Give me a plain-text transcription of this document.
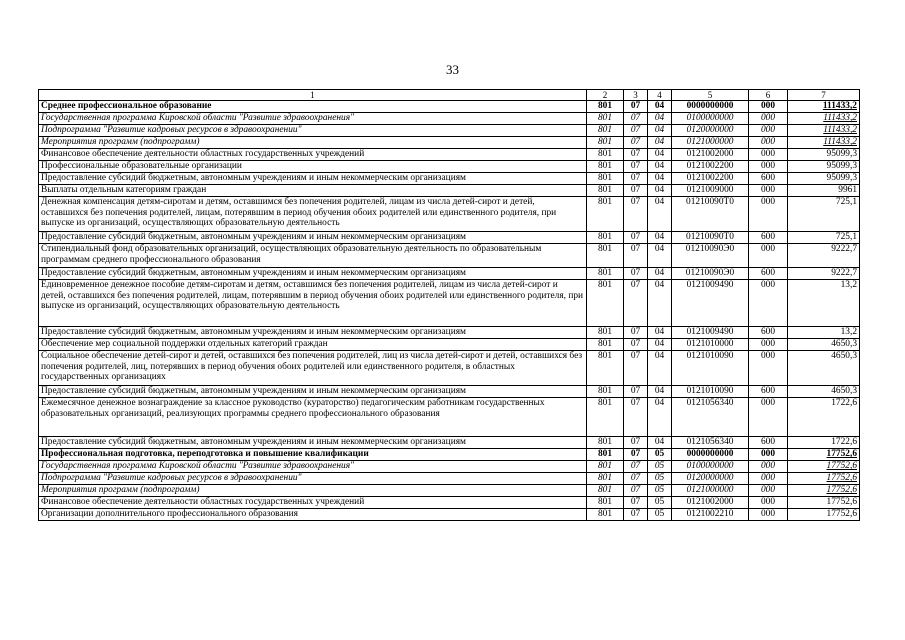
33
1	2	3	4	5	6	7
Среднее профессиональное образование	801	07	04	0000000000	000	111433,2
Государственная программа Кировской области "Развитие здравоохранения"	801	07	04	0100000000	000	111433,2
Подпрограмма "Развитие кадровых ресурсов в здравоохранении"	801	07	04	0120000000	000	111433,2
Мероприятия программ (подпрограмм)	801	07	04	0121000000	000	111433,2
Финансовое обеспечение деятельности областных государственных учреждений	801	07	04	0121002000	000	95099,3
Профессиональные образовательные организации	801	07	04	0121002200	000	95099,3
Предоставление субсидий бюджетным, автономным учреждениям и иным некоммерческим организациям	801	07	04	0121002200	600	95099,3
Выплаты отдельным категориям граждан	801	07	04	0121009000	000	9961
Денежная компенсация детям-сиротам и детям, оставшимся без попечения родителей, лицам из числа детей-сирот и детей, оставшихся без попечения родителей, лицам, потерявшим в период обучения обоих родителей или единственного родителя, при выпуске из организаций, осуществляющих образовательную деятельность	801	07	04	01210090Т0	000	725,1
Предоставление субсидий бюджетным, автономным учреждениям и иным некоммерческим организациям	801	07	04	01210090Т0	600	725,1
Стипендиальный фонд образовательных организаций, осуществляющих образовательную деятельность по образовательным программам среднего профессионального образования	801	07	04	01210090Э0	000	9222,7
Предоставление субсидий бюджетным, автономным учреждениям и иным некоммерческим организациям	801	07	04	01210090Э0	600	9222,7
Единовременное денежное пособие детям-сиротам и детям, оставшимся без попечения родителей, лицам из числа детей-сирот и детей, оставшихся без попечения родителей, лицам, потерявшим в период обучения обоих родителей или единственного родителя, при выпуске из организаций, осуществляющих образовательную деятельность	801	07	04	0121009490	000	13,2
Предоставление субсидий бюджетным, автономным учреждениям и иным некоммерческим организациям	801	07	04	0121009490	600	13,2
Обеспечение мер социальной поддержки отдельных категорий граждан	801	07	04	0121010000	000	4650,3
Социальное обеспечение детей-сирот и детей, оставшихся без попечения родителей, лиц из числа детей-сирот и детей, оставшихся без попечения родителей, лиц, потерявших в период обучения обоих родителей или единственного родителя, в областных государственных организациях	801	07	04	0121010090	000	4650,3
Предоставление субсидий бюджетным, автономным учреждениям и иным некоммерческим организациям	801	07	04	0121010090	600	4650,3
Ежемесячное денежное вознаграждение за классное руководство (кураторство) педагогическим работникам государственных образовательных организаций, реализующих программы среднего профессионального образования	801	07	04	0121056340	000	1722,6
Предоставление субсидий бюджетным, автономным учреждениям и иным некоммерческим организациям	801	07	04	0121056340	600	1722,6
Профессиональная подготовка, переподготовка и повышение квалификации	801	07	05	0000000000	000	17752,6
Государственная программа Кировской области "Развитие здравоохранения"	801	07	05	0100000000	000	17752,6
Подпрограмма "Развитие кадровых ресурсов в здравоохранении"	801	07	05	0120000000	000	17752,6
Мероприятия программ (подпрограмм)	801	07	05	0121000000	000	17752,6
Финансовое обеспечение деятельности областных государственных учреждений	801	07	05	0121002000	000	17752,6
Организации дополнительного профессионального образования	801	07	05	0121002210	000	17752,6
